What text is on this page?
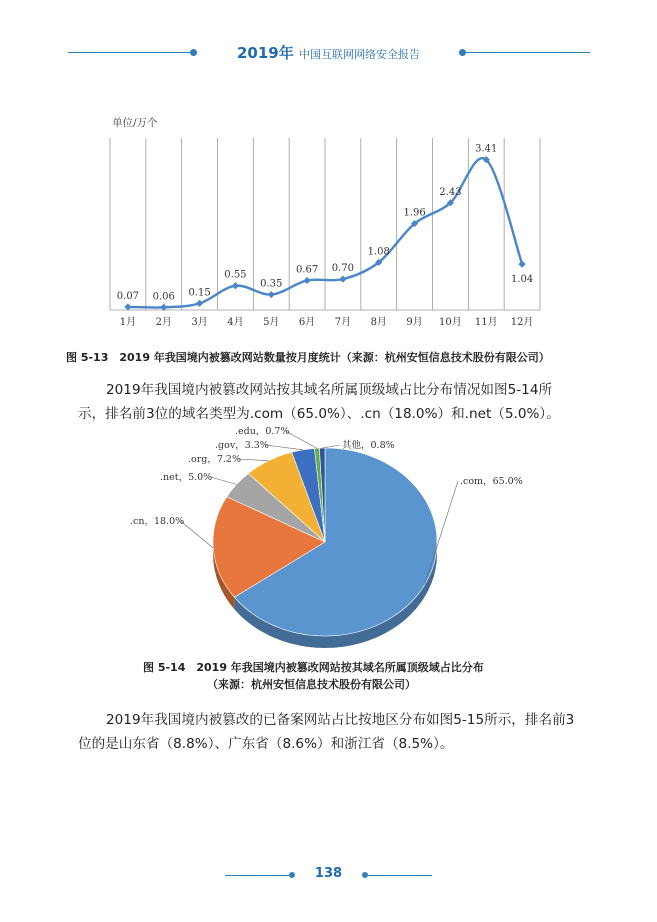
2019年 中国互联网网络安全报告
单位/万个
0.07 0.06 0.15
0.55
0.35
0.67 0.70
1.08
1.96
2.43
3.41
1.04
1月 2月 3月 4月 5月 6月 7月 8月 9月 10月 11月 12月
图 5-13　2019 年我国境内被篡改网站数量按月度统计（来源：杭州安恒信息技术股份有限公司）
2019年我国境内被篡改网站按其域名所属顶级域占比分布情况如图5-14所
示，排名前3位的域名类型为.com（65.0%）、.cn（18.0%）和.net（5.0%）。
.com，65.0%
.cn，18.0%
.net，5.0%
.org，7.2%
.gov，3.3%
.edu，0.7%
其他，0.8%
图 5-14　2019 年我国境内被篡改网站按其域名所属顶级域占比分布
（来源：杭州安恒信息技术股份有限公司）
2019年我国境内被篡改的已备案网站占比按地区分布如图5-15所示，排名前3
位的是山东省（8.8%）、广东省（8.6%）和浙江省（8.5%）。
138
